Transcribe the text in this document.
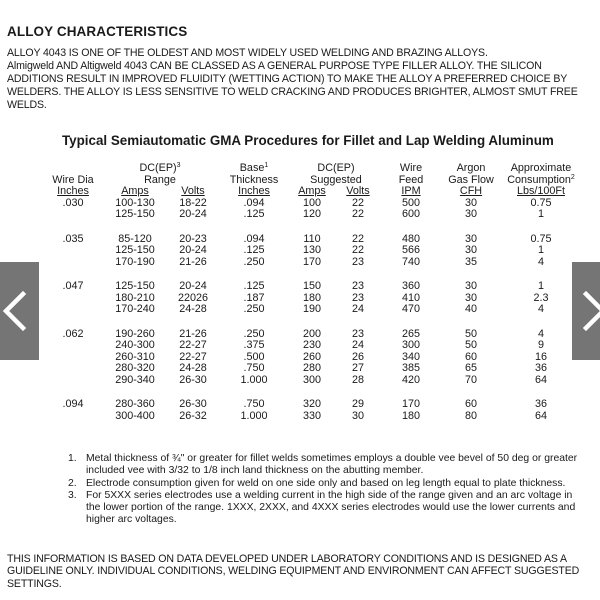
ALLOY CHARACTERISTICS

ALLOY 4043 IS ONE OF THE OLDEST AND MOST WIDELY USED WELDING AND BRAZING ALLOYS.

Almigweld AND Altigweld 4043 CAN BE CLASSED AS A GENERAL PURPOSE TYPE FILLER ALLOY. THE SILICON ADDITIONS RESULT IN IMPROVED FLUIDITY (WETTING ACTION) TO MAKE THE ALLOY A PREFERRED CHOICE BY WELDERS. THE ALLOY IS LESS SENSITIVE TO WELD CRACKING AND PRODUCES BRIGHTER, ALMOST SMUT FREE WELDS.

Typical Semiautomatic GMA Procedures for Fillet and Lap Welding Aluminum
	DC(EP)$^3$		Base$^1$	DC(EP)		Wire	Argon	Approximate
Wire Dia	Range		Thickness	Suggested		Feed	Gas Flow	Consumption$^2$
Inches	Amps	Volts	Inches	Amps	Volts	IPM	CFH	Lbs/100Ft

.030	100-130	18-22	.094	100	22	500	30	0.75
	125-150	20-24	.125	120	22	600	30	1

.035	85-120	20-23	.094	110	22	480	30	0.75
	125-150	20-24	.125	130	22	566	30	1
	170-190	21-26	.250	170	23	740	35	4

.047	125-150	20-24	.125	150	23	360	30	1
	180-210	22026	.187	180	23	410	30	2.3
	170-240	24-28	.250	190	24	470	40	4

.062	190-260	21-26	.250	200	23	265	50	4
	240-300	22-27	.375	230	24	300	50	9
	260-310	22-27	.500	260	26	340	60	16
	280-320	24-28	.750	280	27	385	65	36
	290-340	26-30	1.000	300	28	420	70	64

.094	280-360	26-30	.750	320	29	170	60	36
	300-400	26-32	1.000	330	30	180	80	64
1. Metal thickness of ¾" or greater for fillet welds sometimes employs a double vee bevel of 50 deg or greater included vee with 3/32 to 1/8 inch land thickness on the abutting member.
2. Electrode consumption given for weld on one side only and based on leg length equal to plate thickness.
3. For 5XXX series electrodes use a welding current in the high side of the range given and an arc voltage in the lower portion of the range. 1XXX, 2XXX, and 4XXX series electrodes would use the lower currents and higher arc voltages.
THIS INFORMATION IS BASED ON DATA DEVELOPED UNDER LABORATORY CONDITIONS AND IS DESIGNED AS A GUIDELINE ONLY. INDIVIDUAL CONDITIONS, WELDING EQUIPMENT AND ENVIRONMENT CAN AFFECT SUGGESTED SETTINGS.
